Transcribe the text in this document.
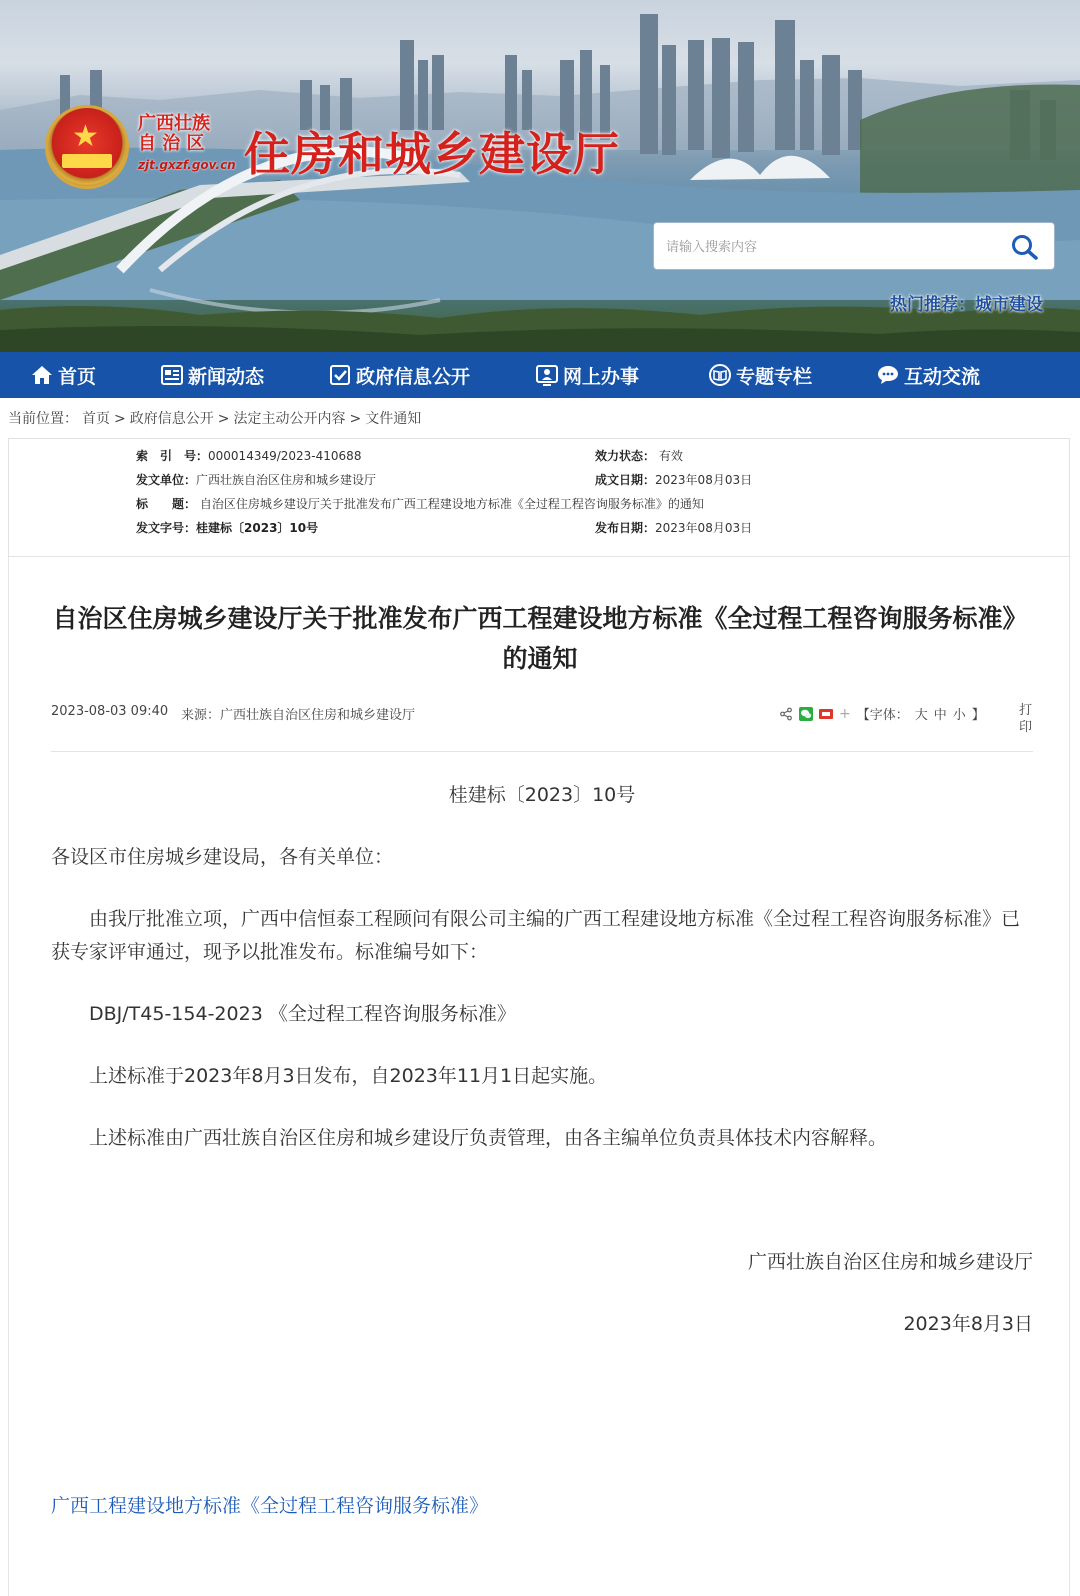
★ 广西壮族
自 治 区
zjt.gxzf.gov.cn 住房和城乡建设厅
请输入搜索内容
热门推荐：城市建设
首页	新闻动态	政府信息公开	网上办事	专题专栏	互动交流
当前位置： 首页 > 政府信息公开 > 法定主动公开内容 > 文件通知
索　引　号：000014349/2023-410688	效力状态： 有效
发文单位：广西壮族自治区住房和城乡建设厅	成文日期：2023年08月03日
标　　题： 自治区住房城乡建设厅关于批准发布广西工程建设地方标准《全过程工程咨询服务标准》的通知
发文字号：桂建标〔2023〕10号	发布日期：2023年08月03日
自治区住房城乡建设厅关于批准发布广西工程建设地方标准《全过程工程咨询服务标准》的通知
2023-08-03 09:40 来源：广西壮族自治区住房和城乡建设厅	+ 【字体： 大 中 小 】	打印
桂建标〔2023〕10号
各设区市住房城乡建设局，各有关单位：
由我厅批准立项，广西中信恒泰工程顾问有限公司主编的广西工程建设地方标准《全过程工程咨询服务标准》已获专家评审通过，现予以批准发布。标准编号如下：
DBJ/T45-154-2023 《全过程工程咨询服务标准》
上述标准于2023年8月3日发布，自2023年11月1日起实施。
上述标准由广西壮族自治区住房和城乡建设厅负责管理，由各主编单位负责具体技术内容解释。
广西壮族自治区住房和城乡建设厅
2023年8月3日
广西工程建设地方标准《全过程工程咨询服务标准》
